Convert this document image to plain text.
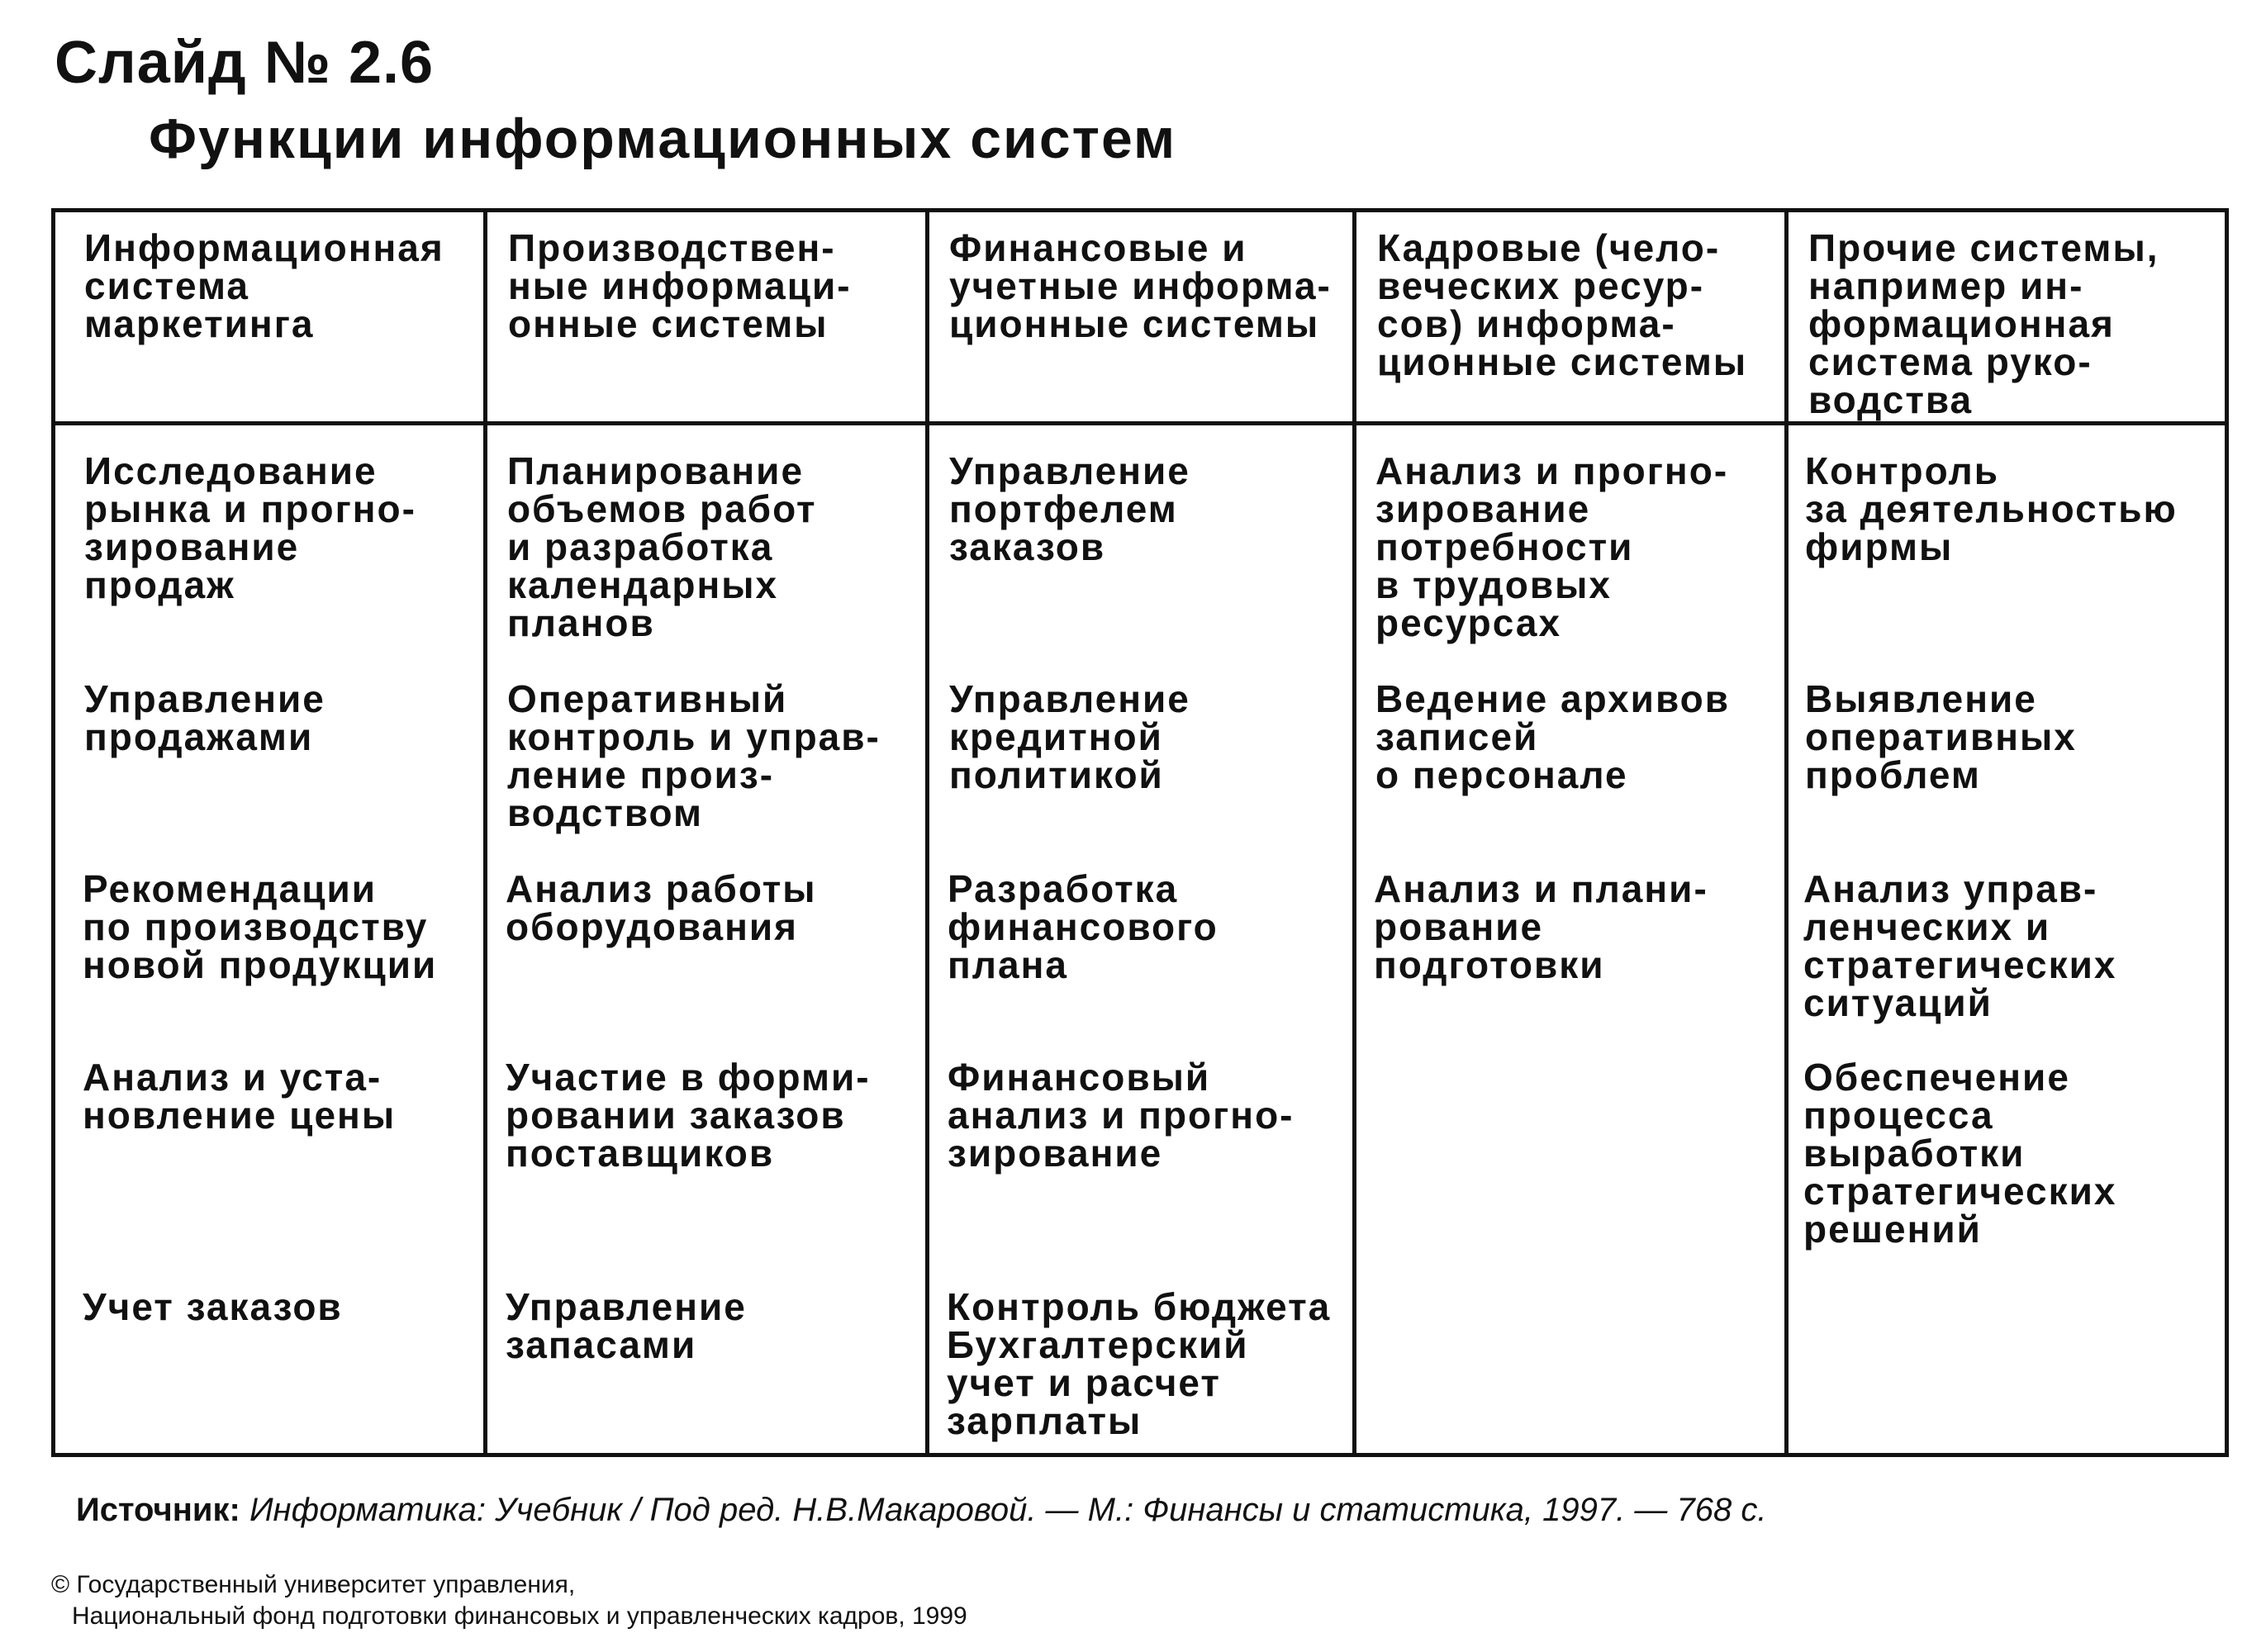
Слайд № 2.6
Функции информационных систем
Информационная
система
маркетинга
Производствен-
ные информаци-
онные системы
Финансовые и
учетные информа-
ционные системы
Кадровые (чело-
веческих ресур-
сов) информа-
ционные системы
Прочие системы,
например ин-
формационная
система руко-
водства
Исследование
рынка и прогно-
зирование
продаж
Управление
продажами
Рекомендации
по производству
новой продукции
Анализ и уста-
новление цены
Учет заказов
Планирование
объемов работ
и разработка
календарных
планов
Оперативный
контроль и управ-
ление произ-
водством
Анализ работы
оборудования
Участие в форми-
ровании заказов
поставщиков
Управление
запасами
Управление
портфелем
заказов
Управление
кредитной
политикой
Разработка
финансового
плана
Финансовый
анализ и прогно-
зирование
Контроль бюджета
Бухгалтерский
учет и расчет
зарплаты
Анализ и прогно-
зирование
потребности
в трудовых
ресурсах
Ведение архивов
записей
о персонале
Анализ и плани-
рование
подготовки
Контроль
за деятельностью
фирмы
Выявление
оперативных
проблем
Анализ управ-
ленческих и
стратегических
ситуаций
Обеспечение
процесса
выработки
стратегических
решений
Источник: Информатика: Учебник / Под ред. Н.В.Макаровой. — М.: Финансы и статистика, 1997. — 768 с.
© Государственный университет управления,
Национальный фонд подготовки финансовых и управленческих кадров, 1999
